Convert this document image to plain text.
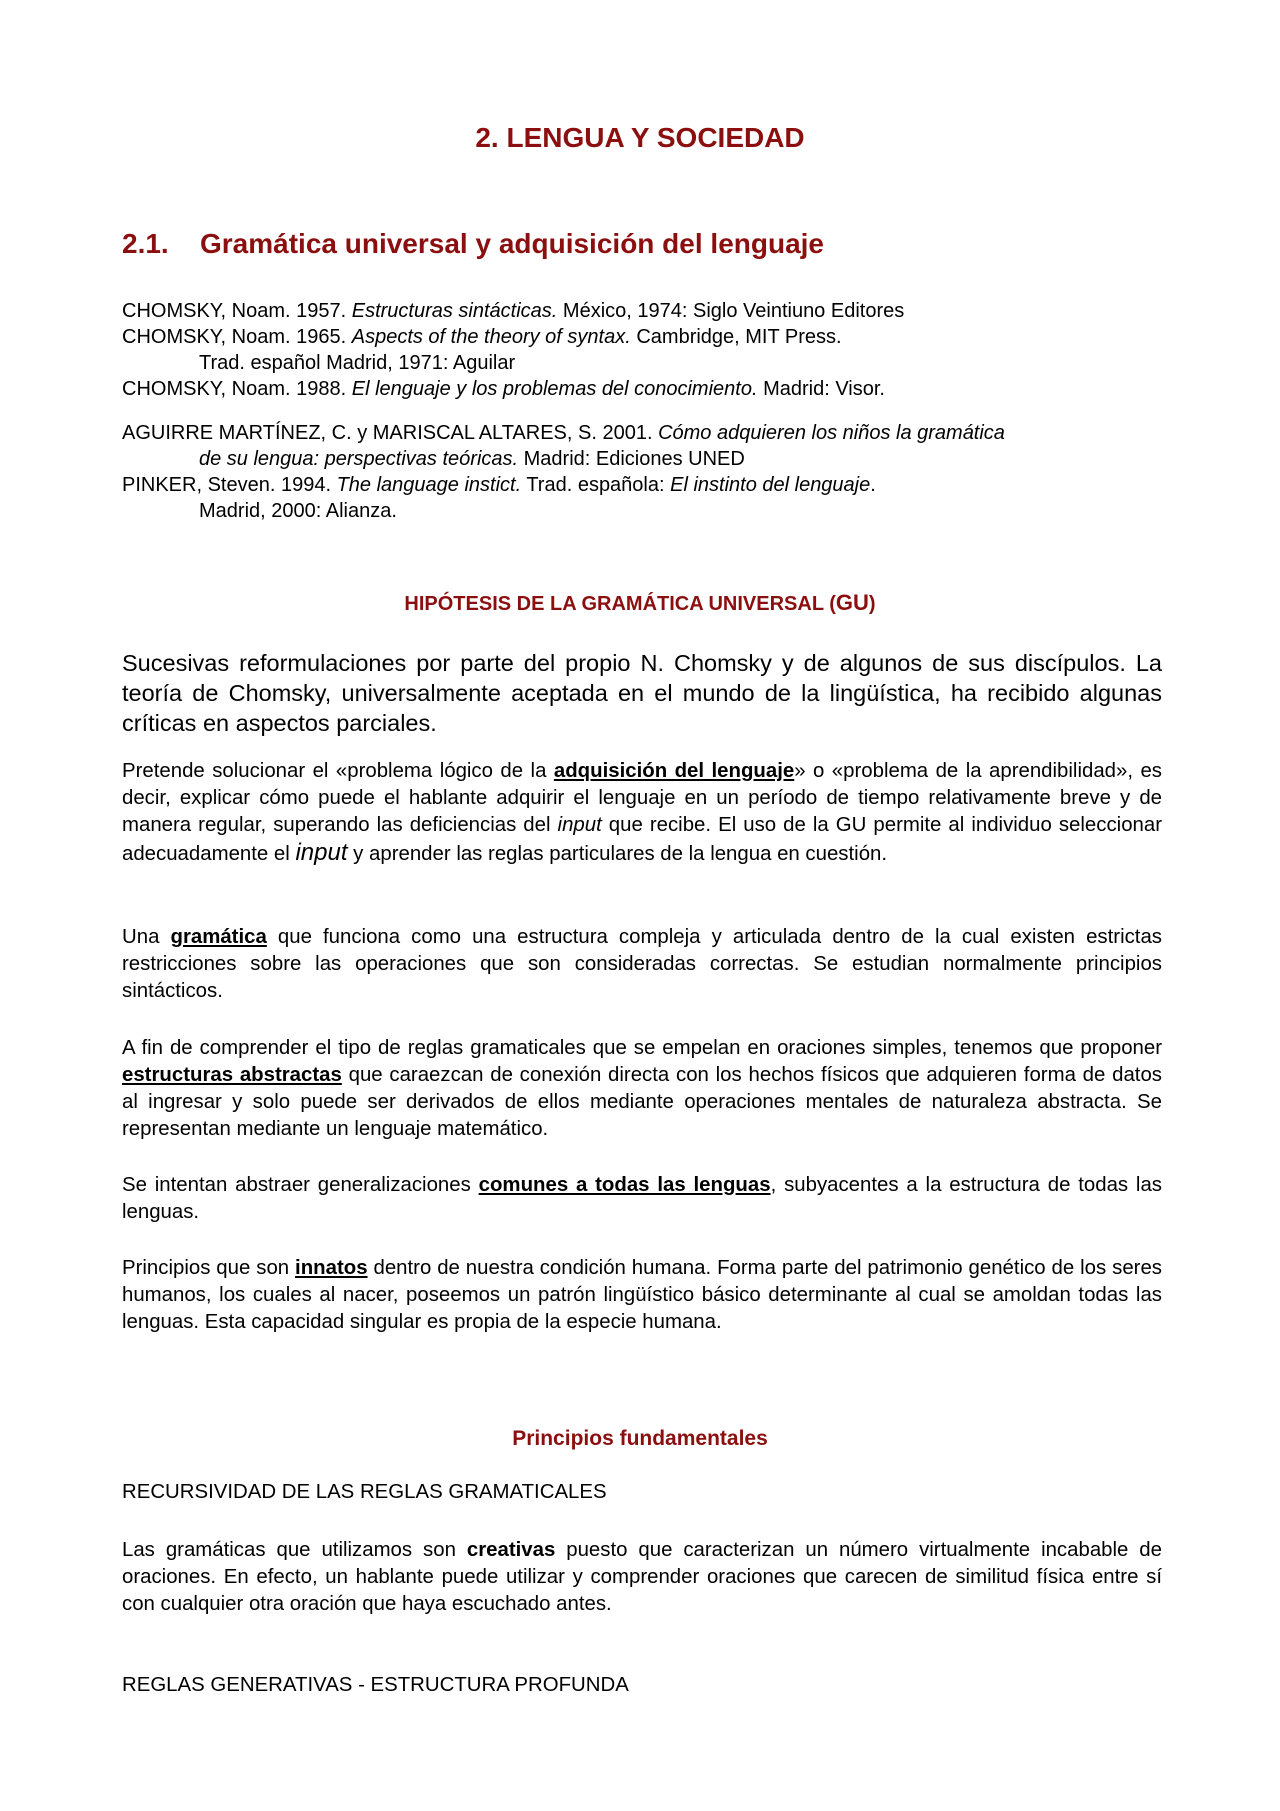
2. LENGUA Y SOCIEDAD
2.1. Gramática universal y adquisición del lenguaje
CHOMSKY, Noam. 1957. Estructuras sintácticas. México, 1974: Siglo Veintiuno Editores
CHOMSKY, Noam. 1965. Aspects of the theory of syntax. Cambridge, MIT Press.
Trad. español Madrid, 1971: Aguilar
CHOMSKY, Noam. 1988. El lenguaje y los problemas del conocimiento. Madrid: Visor.
AGUIRRE MARTÍNEZ, C. y MARISCAL ALTARES, S. 2001. Cómo adquieren los niños la gramática
de su lengua: perspectivas teóricas. Madrid: Ediciones UNED
PINKER, Steven. 1994. The language instict. Trad. española: El instinto del lenguaje.
Madrid, 2000: Alianza.
HIPÓTESIS DE LA GRAMÁTICA UNIVERSAL (GU)
Sucesivas reformulaciones por parte del propio N. Chomsky y de algunos de sus discípulos. La teoría de Chomsky, universalmente aceptada en el mundo de la lingüística, ha recibido algunas críticas en aspectos parciales.
Pretende solucionar el «problema lógico de la adquisición del lenguaje» o «problema de la aprendibilidad», es decir, explicar cómo puede el hablante adquirir el lenguaje en un período de tiempo relativamente breve y de manera regular, superando las deficiencias del input que recibe. El uso de la GU permite al individuo seleccionar adecuadamente el input y aprender las reglas particulares de la lengua en cuestión.
Una gramática que funciona como una estructura compleja y articulada dentro de la cual existen estrictas restricciones sobre las operaciones que son consideradas correctas. Se estudian normalmente principios sintácticos.
A fin de comprender el tipo de reglas gramaticales que se empelan en oraciones simples, tenemos que proponer estructuras abstractas que caraezcan de conexión directa con los hechos físicos que adquieren forma de datos al ingresar y solo puede ser derivados de ellos mediante operaciones mentales de naturaleza abstracta. Se representan mediante un lenguaje matemático.
Se intentan abstraer generalizaciones comunes a todas las lenguas, subyacentes a la estructura de todas las lenguas.
Principios que son innatos dentro de nuestra condición humana. Forma parte del patrimonio genético de los seres humanos, los cuales al nacer, poseemos un patrón lingüístico básico determinante al cual se amoldan todas las lenguas. Esta capacidad singular es propia de la especie humana.
Principios fundamentales
RECURSIVIDAD DE LAS REGLAS GRAMATICALES
Las gramáticas que utilizamos son creativas puesto que caracterizan un número virtualmente incabable de oraciones. En efecto, un hablante puede utilizar y comprender oraciones que carecen de similitud física entre sí con cualquier otra oración que haya escuchado antes.
REGLAS GENERATIVAS - ESTRUCTURA PROFUNDA
